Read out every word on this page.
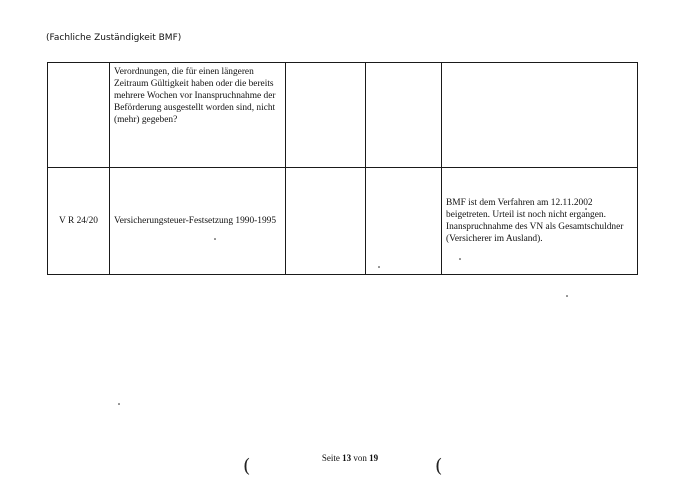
(Fachliche Zuständigkeit BMF)
	Verordnungen, die für einen längeren Zeitraum Gültigkeit haben oder die bereits mehrere Wochen vor Inanspruchnahme der Beförderung ausgestellt worden sind, nicht (mehr) gegeben?			
V R 24/20	Versicherungsteuer-Festsetzung 1990-1995			BMF ist dem Verfahren am 12.11.2002 beigetreten. Urteil ist noch nicht ergangen. Inanspruchnahme des VN als Gesamtschuldner (Versicherer im Ausland).
Seite 13 von 19
(	(
